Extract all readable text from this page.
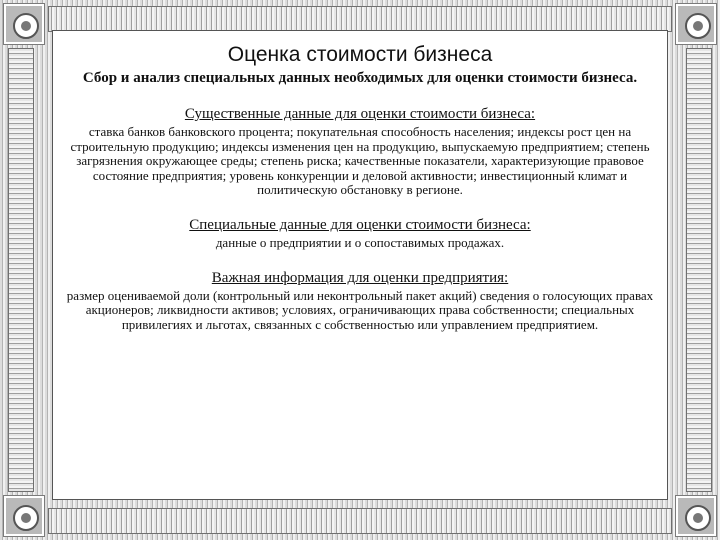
Оценка стоимости бизнеса
Сбор и анализ специальных данных необходимых для оценки стоимости бизнеса.
Существенные данные для оценки стоимости бизнеса:
ставка банков банковского процента; покупательная способность населения; индексы рост цен на строительную продукцию; индексы изменения цен на продукцию, выпускаемую предприятием; степень загрязнения окружающее среды; степень риска; качественные показатели, характеризующие правовое состояние предприятия; уровень конкуренции и деловой активности; инвестиционный климат и политическую обстановку в регионе.
Специальные данные для оценки стоимости бизнеса:
данные о предприятии и о сопоставимых продажах.
Важная информация для оценки предприятия:
размер оцениваемой доли (контрольный или неконтрольный пакет акций) сведения о голосующих правах акционеров; ликвидности активов; условиях, ограничивающих права собственности; специальных привилегиях и льготах, связанных с собственностью или управлением предприятием.
